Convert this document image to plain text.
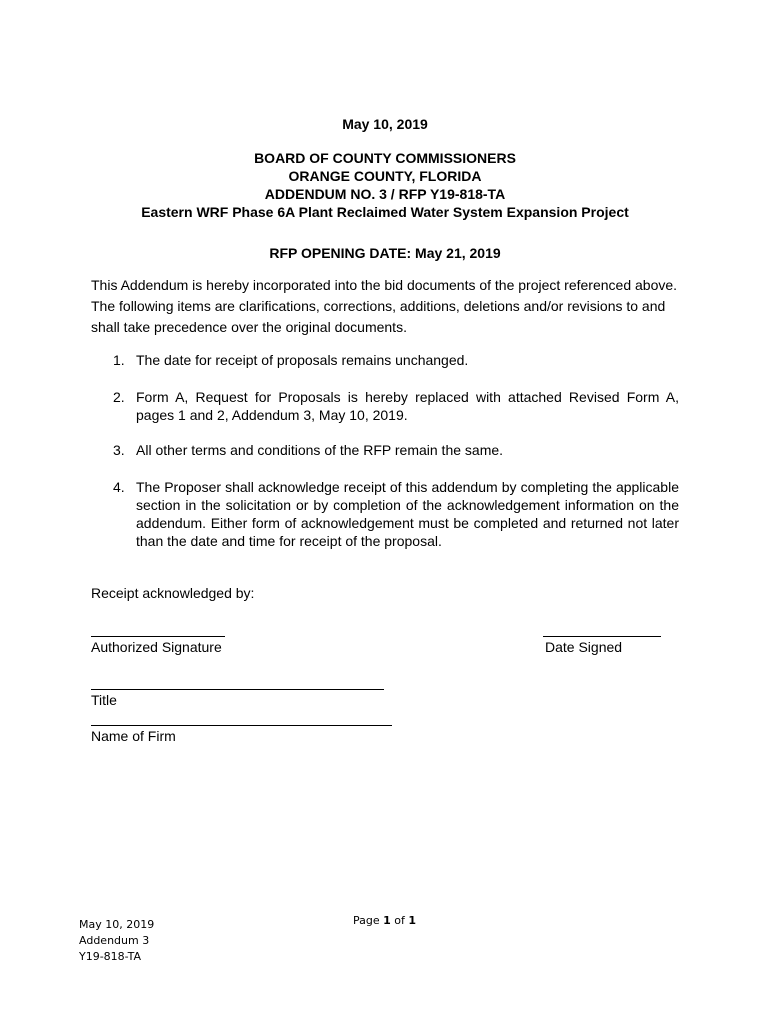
May 10, 2019
BOARD OF COUNTY COMMISSIONERS
ORANGE COUNTY, FLORIDA
ADDENDUM NO. 3 / RFP Y19-818-TA
Eastern WRF Phase 6A Plant Reclaimed Water System Expansion Project
RFP OPENING DATE: May 21, 2019
This Addendum is hereby incorporated into the bid documents of the project referenced above. The following items are clarifications, corrections, additions, deletions and/or revisions to and shall take precedence over the original documents.
1. The date for receipt of proposals remains unchanged.
2. Form A, Request for Proposals is hereby replaced with attached Revised Form A, pages 1 and 2, Addendum 3, May 10, 2019.
3. All other terms and conditions of the RFP remain the same.
4. The Proposer shall acknowledge receipt of this addendum by completing the applicable section in the solicitation or by completion of the acknowledgement information on the addendum. Either form of acknowledgement must be completed and returned not later than the date and time for receipt of the proposal.
Receipt acknowledged by:
Authorized Signature	Date Signed
Title
Name of Firm
May 10, 2019
Addendum 3
Y19-818-TA
Page 1 of 1
